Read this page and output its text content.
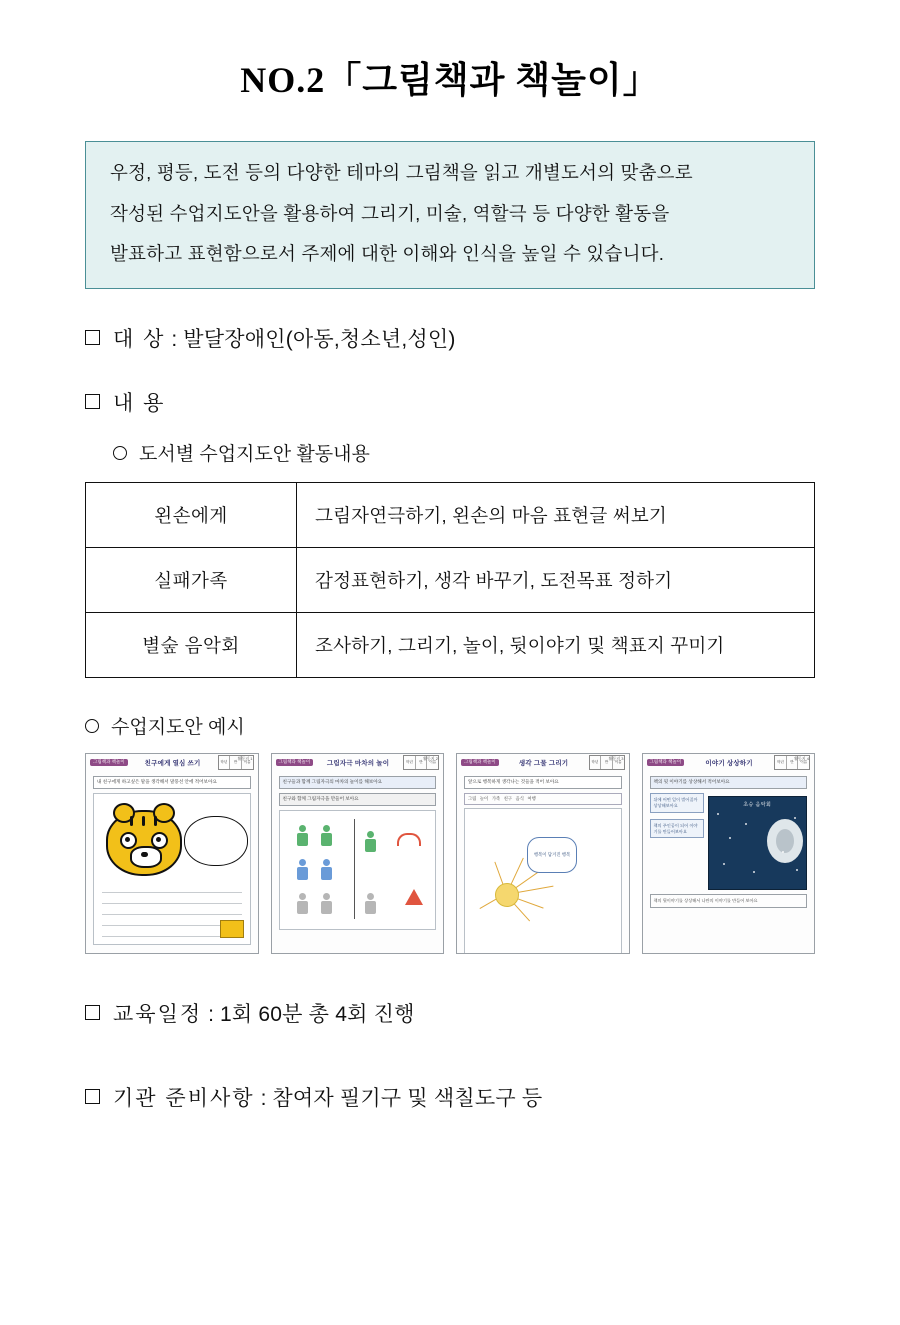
NO.2「그림책과 책놀이」

우정, 평등, 도전 등의 다양한 테마의 그림책을 읽고 개별도서의 맞춤으로

작성된 수업지도안을 활용하여 그리기, 미술, 역할극 등 다양한 활동을

발표하고 표현함으로서 주제에 대한 이해와 인식을 높일 수 있습니다.

대 상 : 발달장애인(아동,청소년,성인)
내 용
도서별 수업지도안 활동내용
왼손에게	그림자연극하기, 왼손의 마음 표현글 써보기
실패가족	감정표현하기, 생각 바꾸기, 도전목표 정하기
별숲 음악회	조사하기, 그리기, 놀이, 뒷이야기 및 책표지 꾸미기
수업지도안 예시
활동지 1
그림책과 책놀이	친구에게 열심 쓰기	학년	반	이름
내 친구에게 하고싶은 말을 생각해서 말풍선 안에 적어보아요
활동지 2
그림책과 책놀이	그림자극 마차의 놀이	학년	반	이름
친구들과 함께 그림자극의 마차의 놀이를 해보아요
친구와 함께 그림자극을 만들어 보아요
활동지 3
그림책과 책놀이	생각 그물 그리기	학년	반	이름
앞으로 행복하게 생각나는 것들을 적어 보아요
그림 놀이 가족 친구 음식 여행
행복이 담겨진 행복
활동지 4
그림책과 책놀이	이야기 상상하기	학년	반	이름
책의 뒷 이야기를 상상해서 적어보아요
뒤에 어떤 일이 벌어질까 상상해보아요
책의 주인공이 되어 이야기를 만들어보아요
초승 음악회
책의 뒷이야기를 상상해서 나만의 이야기를 만들어 보아요
교육일정 : 1회 60분 총 4회 진행
기관 준비사항 : 참여자 필기구 및 색칠도구 등
